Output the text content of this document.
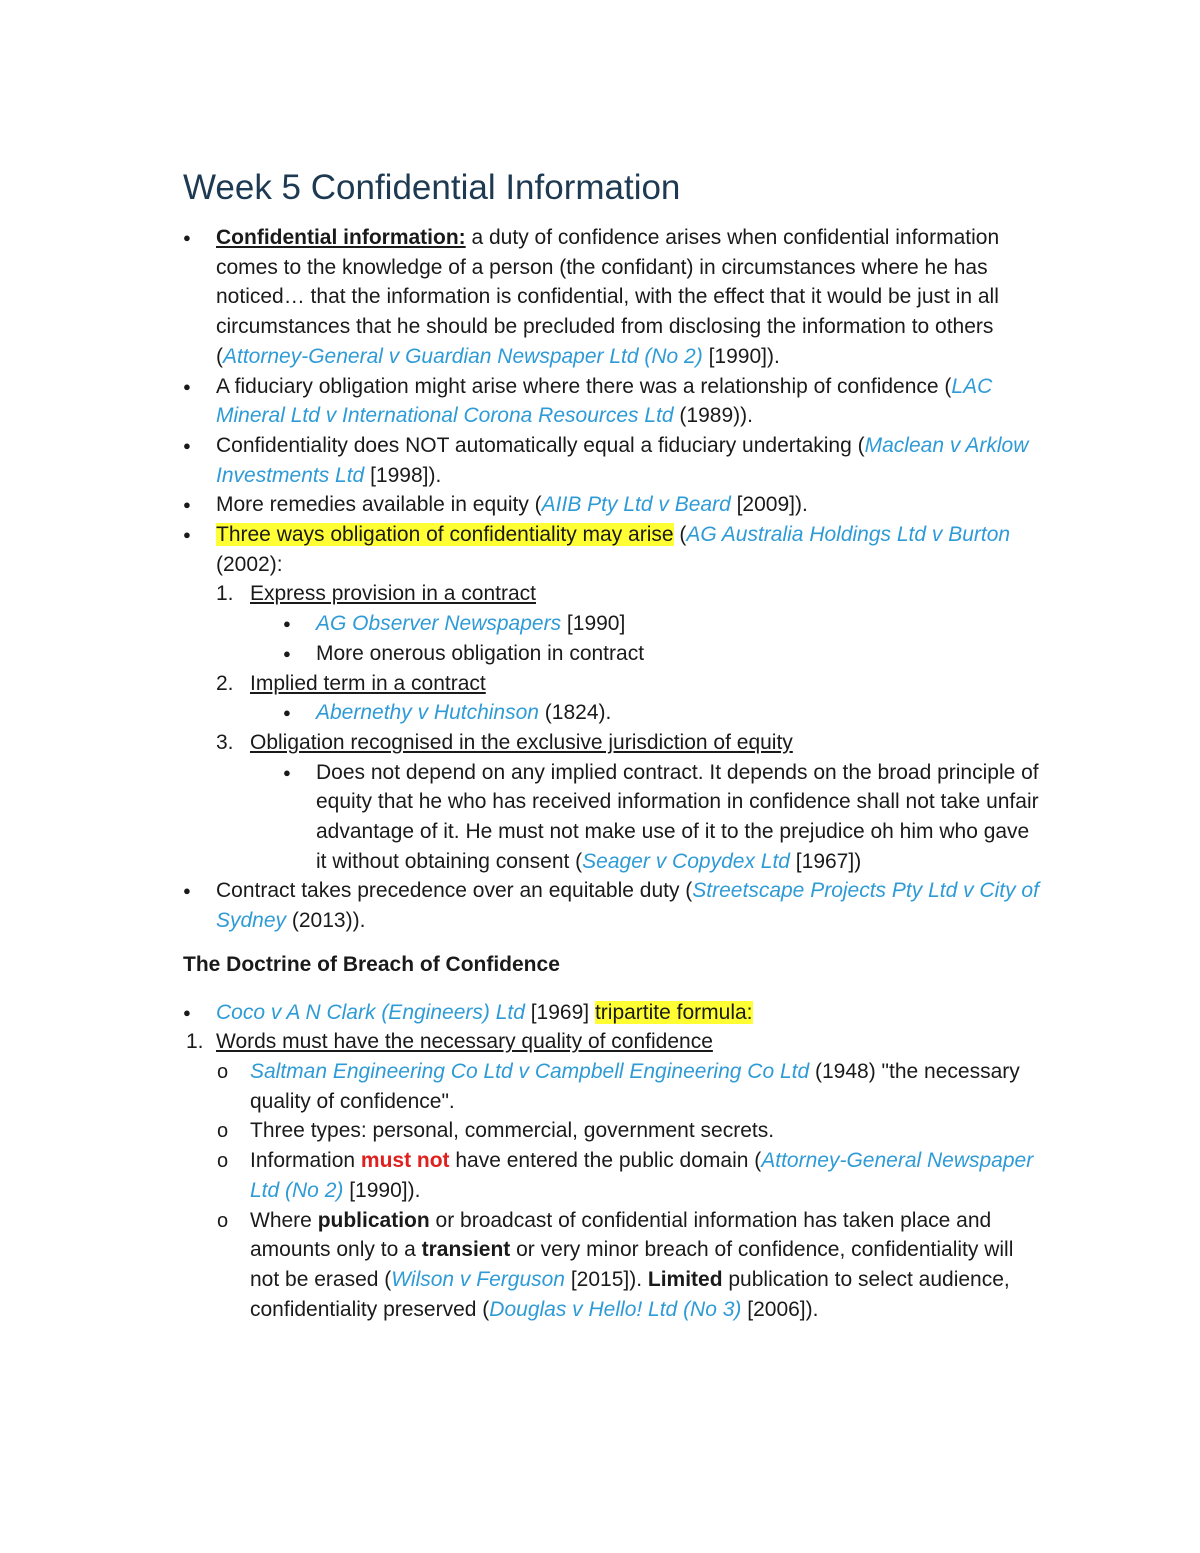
Week 5 Confidential Information
●
Confidential information: a duty of confidence arises when confidential information comes to the knowledge of a person (the confidant) in circumstances where he has noticed… that the information is confidential, with the effect that it would be just in all circumstances that he should be precluded from disclosing the information to others (Attorney-General v Guardian Newspaper Ltd (No 2) [1990]).
●
A fiduciary obligation might arise where there was a relationship of confidence (LAC Mineral Ltd v International Corona Resources Ltd (1989)).
●
Confidentiality does NOT automatically equal a fiduciary undertaking (Maclean v Arklow Investments Ltd [1998]).
●
More remedies available in equity (AIIB Pty Ltd v Beard [2009]).
●
Three ways obligation of confidentiality may arise (AG Australia Holdings Ltd v Burton (2002):
1. Express provision in a contract
●
AG Observer Newspapers [1990]
●
More onerous obligation in contract
2. Implied term in a contract
●
Abernethy v Hutchinson (1824).
3. Obligation recognised in the exclusive jurisdiction of equity
●
Does not depend on any implied contract. It depends on the broad principle of equity that he who has received information in confidence shall not take unfair advantage of it. He must not make use of it to the prejudice oh him who gave it without obtaining consent (Seager v Copydex Ltd [1967])
●
Contract takes precedence over an equitable duty (Streetscape Projects Pty Ltd v City of Sydney (2013)).
The Doctrine of Breach of Confidence
●
Coco v A N Clark (Engineers) Ltd [1969] tripartite formula:
1. Words must have the necessary quality of confidence
o
Saltman Engineering Co Ltd v Campbell Engineering Co Ltd (1948) "the necessary quality of confidence".
o
Three types: personal, commercial, government secrets.
o
Information must not have entered the public domain (Attorney-General Newspaper Ltd (No 2) [1990]).
o
Where publication or broadcast of confidential information has taken place and amounts only to a transient or very minor breach of confidence, confidentiality will not be erased (Wilson v Ferguson [2015]). Limited publication to select audience, confidentiality preserved (Douglas v Hello! Ltd (No 3) [2006]).
